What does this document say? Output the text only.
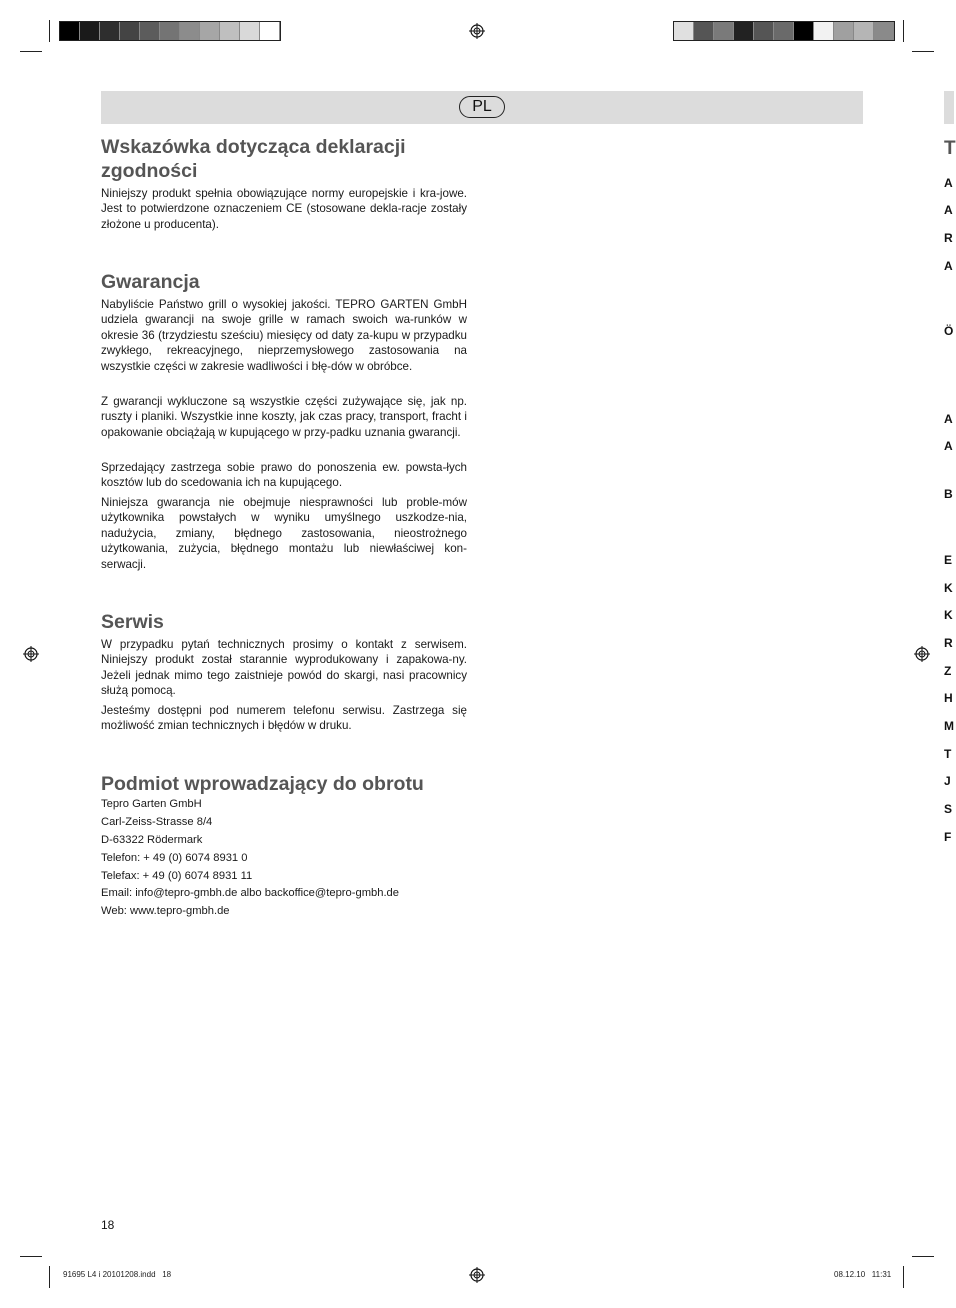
PL
Wskazówka dotycząca deklaracji
zgodności

Niniejszy produkt spełnia obowiązujące normy europejskie i kra-jowe. Jest to potwierdzone oznaczeniem CE (stosowane dekla-racje zostały złożone u producenta).

Gwarancja

Nabyliście Państwo grill o wysokiej jakości. TEPRO GARTEN GmbH udziela gwarancji na swoje grille w ramach swoich wa-runków w okresie 36 (trzydziestu sześciu) miesięcy od daty za-kupu w przypadku zwykłego, rekreacyjnego, nieprzemysłowego zastosowania na wszystkie części w zakresie wadliwości i błę-dów w obróbce.

Z gwarancji wykluczone są wszystkie części zużywające się, jak np. ruszty i planiki. Wszystkie inne koszty, jak czas pracy, transport, fracht i opakowanie obciążają w kupującego w przy-padku uznania gwarancji.

Sprzedający zastrzega sobie prawo do ponoszenia ew. powsta-łych kosztów lub do scedowania ich na kupującego.

Niniejsza gwarancja nie obejmuje niesprawności lub proble-mów użytkownika powstałych w wyniku umyślnego uszkodze-nia, nadużycia, zmiany, błędnego zastosowania, nieostrożnego użytkowania, zużycia, błędnego montażu lub niewłaściwej kon-serwacji.

Serwis

W przypadku pytań technicznych prosimy o kontakt z serwisem. Niniejszy produkt został starannie wyprodukowany i zapakowa-ny. Jeżeli jednak mimo tego zaistnieje powód do skargi, nasi pracownicy służą pomocą.

Jesteśmy dostępni pod numerem telefonu serwisu. Zastrzega się możliwość zmian technicznych i błędów w druku.

Podmiot wprowadzający do obrotu
Tepro Garten GmbH
Carl-Zeiss-Strasse 8/4
D-63322 Rödermark
Telefon: + 49 (0) 6074 8931 0
Telefax: + 49 (0) 6074 8931 11
Email: info@tepro-gmbh.de albo backoffice@tepro-gmbh.de
Web: www.tepro-gmbh.de
T
A
A
R
A
Ö
A
A
B
E
K
K
R
Z
H
M
T
J
S
F
18
91695 L4 i 20101208.indd   18	08.12.10   11:31
